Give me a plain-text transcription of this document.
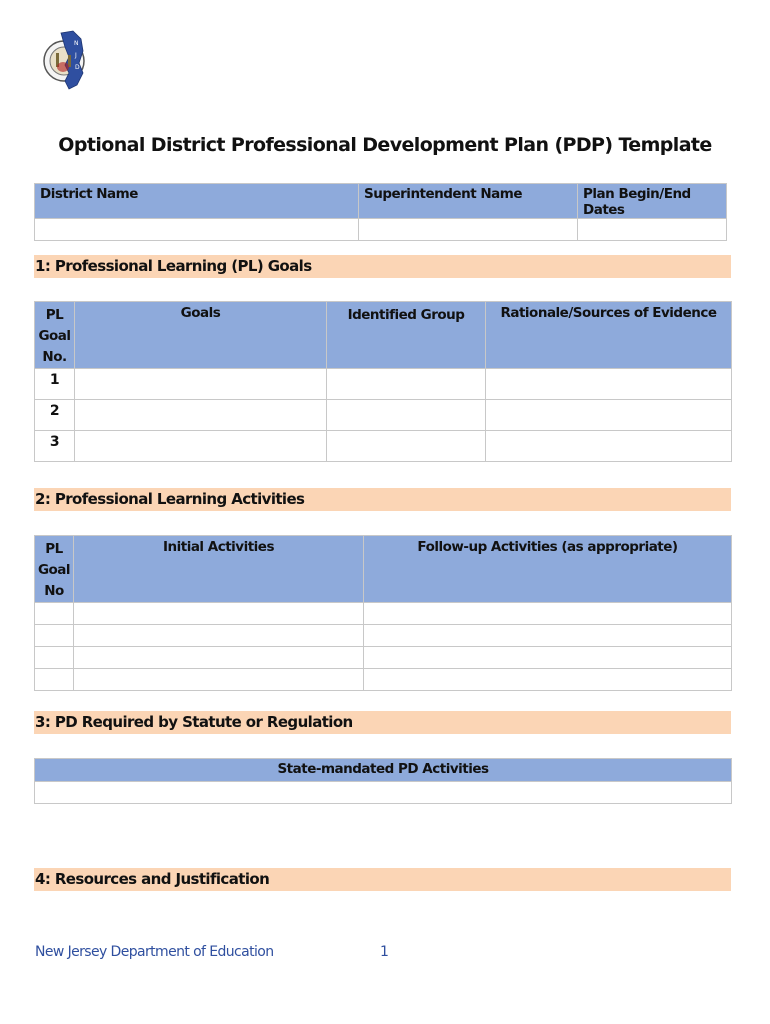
N
J
D
Optional District Professional Development Plan (PDP) Template
District Name	Superintendent Name	Plan Begin/End Dates

1: Professional Learning (PL) Goals
PL Goal No.	Goals	Identified Group	Rationale/Sources of Evidence
1			
2			
3			
2: Professional Learning Activities
PL Goal No	Initial Activities	Follow-up Activities (as appropriate)

3: PD Required by Statute or Regulation
State-mandated PD Activities

4: Resources and Justification
New Jersey Department of Education	1
